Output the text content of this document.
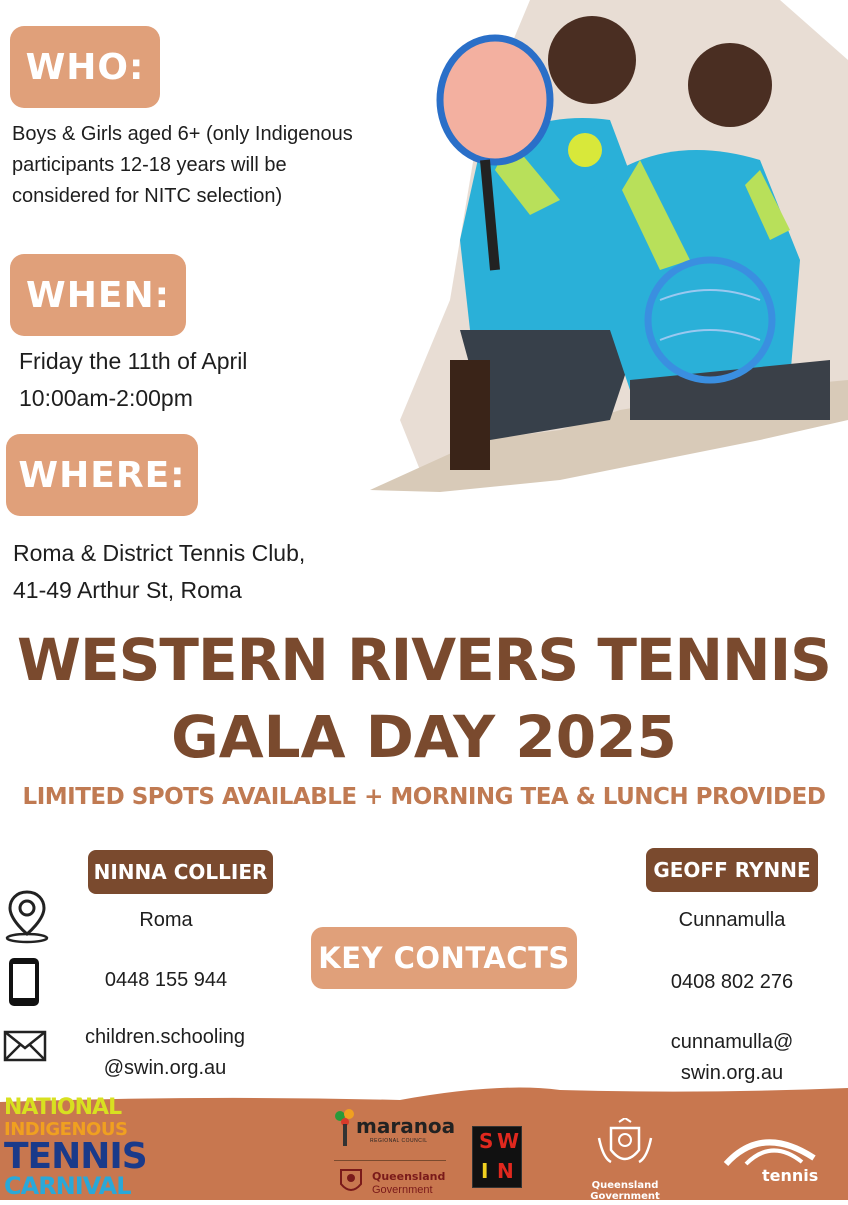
WHO:
Boys & Girls aged 6+ (only Indigenous participants 12-18 years will be considered for NITC selection)
WHEN:
Friday the 11th of April
10:00am-2:00pm
WHERE:
Roma & District Tennis Club,
41-49 Arthur St, Roma
WESTERN RIVERS TENNIS
GALA DAY 2025
LIMITED SPOTS AVAILABLE + MORNING TEA & LUNCH PROVIDED
NINNA COLLIER	GEOFF RYNNE
KEY CONTACTS
Roma
0448 155 944
children.schooling
@swin.org.au
Cunnamulla
0408 802 276
cunnamulla@
swin.org.au
NATIONAL
INDIGENOUS
TENNIS
CARNIVAL
maranoa
REGIONAL COUNCIL
Queensland
Government
S W
I N
Queensland Government
tennis
